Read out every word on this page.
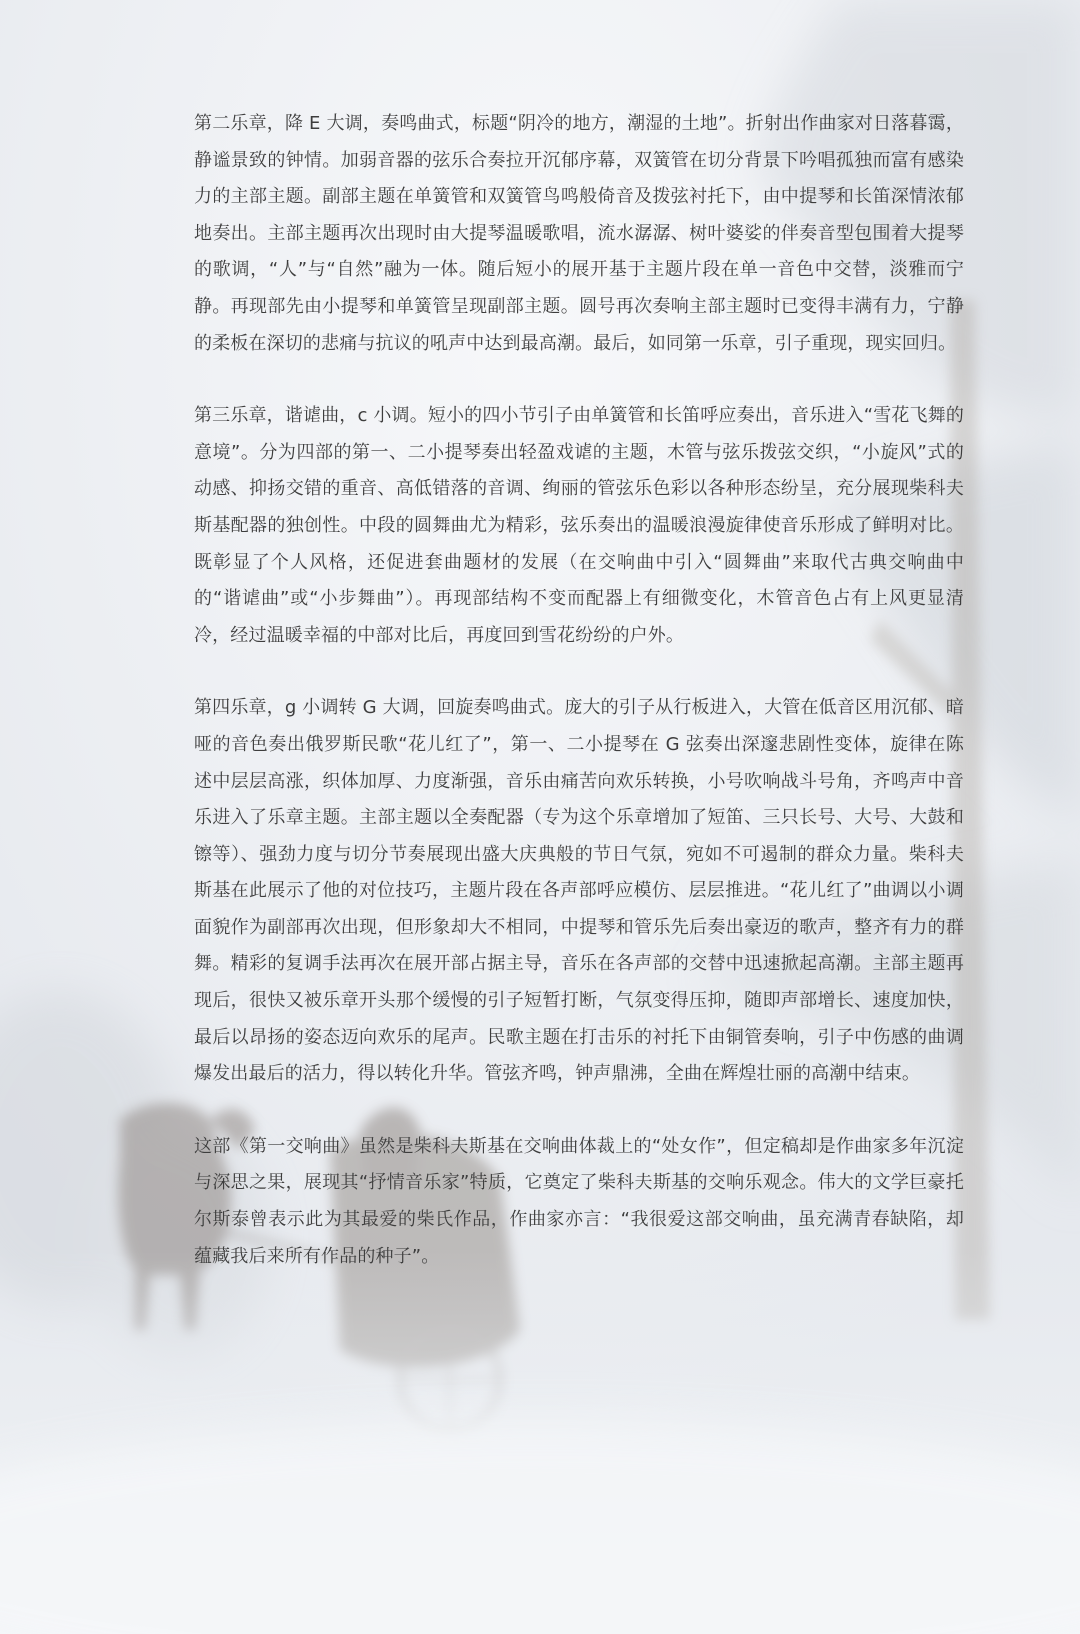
第二乐章，降 E 大调，奏鸣曲式，标题“阴冷的地方，潮湿的土地”。折射出作曲家对日落暮霭，静谧景致的钟情。加弱音器的弦乐合奏拉开沉郁序幕，双簧管在切分背景下吟唱孤独而富有感染力的主部主题。副部主题在单簧管和双簧管鸟鸣般倚音及拨弦衬托下，由中提琴和长笛深情浓郁地奏出。主部主题再次出现时由大提琴温暖歌唱，流水潺潺、树叶婆娑的伴奏音型包围着大提琴的歌调，“人”与“自然”融为一体。随后短小的展开基于主题片段在单一音色中交替，淡雅而宁静。再现部先由小提琴和单簧管呈现副部主题。圆号再次奏响主部主题时已变得丰满有力，宁静的柔板在深切的悲痛与抗议的吼声中达到最高潮。最后，如同第一乐章，引子重现，现实回归。

第三乐章，谐谑曲，c 小调。短小的四小节引子由单簧管和长笛呼应奏出，音乐进入“雪花飞舞的意境”。分为四部的第一、二小提琴奏出轻盈戏谑的主题，木管与弦乐拨弦交织，“小旋风”式的动感、抑扬交错的重音、高低错落的音调、绚丽的管弦乐色彩以各种形态纷呈，充分展现柴科夫斯基配器的独创性。中段的圆舞曲尤为精彩，弦乐奏出的温暖浪漫旋律使音乐形成了鲜明对比。既彰显了个人风格，还促进套曲题材的发展（在交响曲中引入“圆舞曲”来取代古典交响曲中的“谐谑曲”或“小步舞曲”）。再现部结构不变而配器上有细微变化，木管音色占有上风更显清冷，经过温暖幸福的中部对比后，再度回到雪花纷纷的户外。

第四乐章，g 小调转 G 大调，回旋奏鸣曲式。庞大的引子从行板进入，大管在低音区用沉郁、暗哑的音色奏出俄罗斯民歌“花儿红了”，第一、二小提琴在 G 弦奏出深邃悲剧性变体，旋律在陈述中层层高涨，织体加厚、力度渐强，音乐由痛苦向欢乐转换，小号吹响战斗号角，齐鸣声中音乐进入了乐章主题。主部主题以全奏配器（专为这个乐章增加了短笛、三只长号、大号、大鼓和镲等）、强劲力度与切分节奏展现出盛大庆典般的节日气氛，宛如不可遏制的群众力量。柴科夫斯基在此展示了他的对位技巧，主题片段在各声部呼应模仿、层层推进。“花儿红了”曲调以小调面貌作为副部再次出现，但形象却大不相同，中提琴和管乐先后奏出豪迈的歌声，整齐有力的群舞。精彩的复调手法再次在展开部占据主导，音乐在各声部的交替中迅速掀起高潮。主部主题再现后，很快又被乐章开头那个缓慢的引子短暂打断，气氛变得压抑，随即声部增长、速度加快，最后以昂扬的姿态迈向欢乐的尾声。民歌主题在打击乐的衬托下由铜管奏响，引子中伤感的曲调爆发出最后的活力，得以转化升华。管弦齐鸣，钟声鼎沸，全曲在辉煌壮丽的高潮中结束。

这部《第一交响曲》虽然是柴科夫斯基在交响曲体裁上的“处女作”，但定稿却是作曲家多年沉淀与深思之果，展现其“抒情音乐家”特质，它奠定了柴科夫斯基的交响乐观念。伟大的文学巨豪托尔斯泰曾表示此为其最爱的柴氏作品，作曲家亦言：“我很爱这部交响曲，虽充满青春缺陷，却蕴藏我后来所有作品的种子”。
